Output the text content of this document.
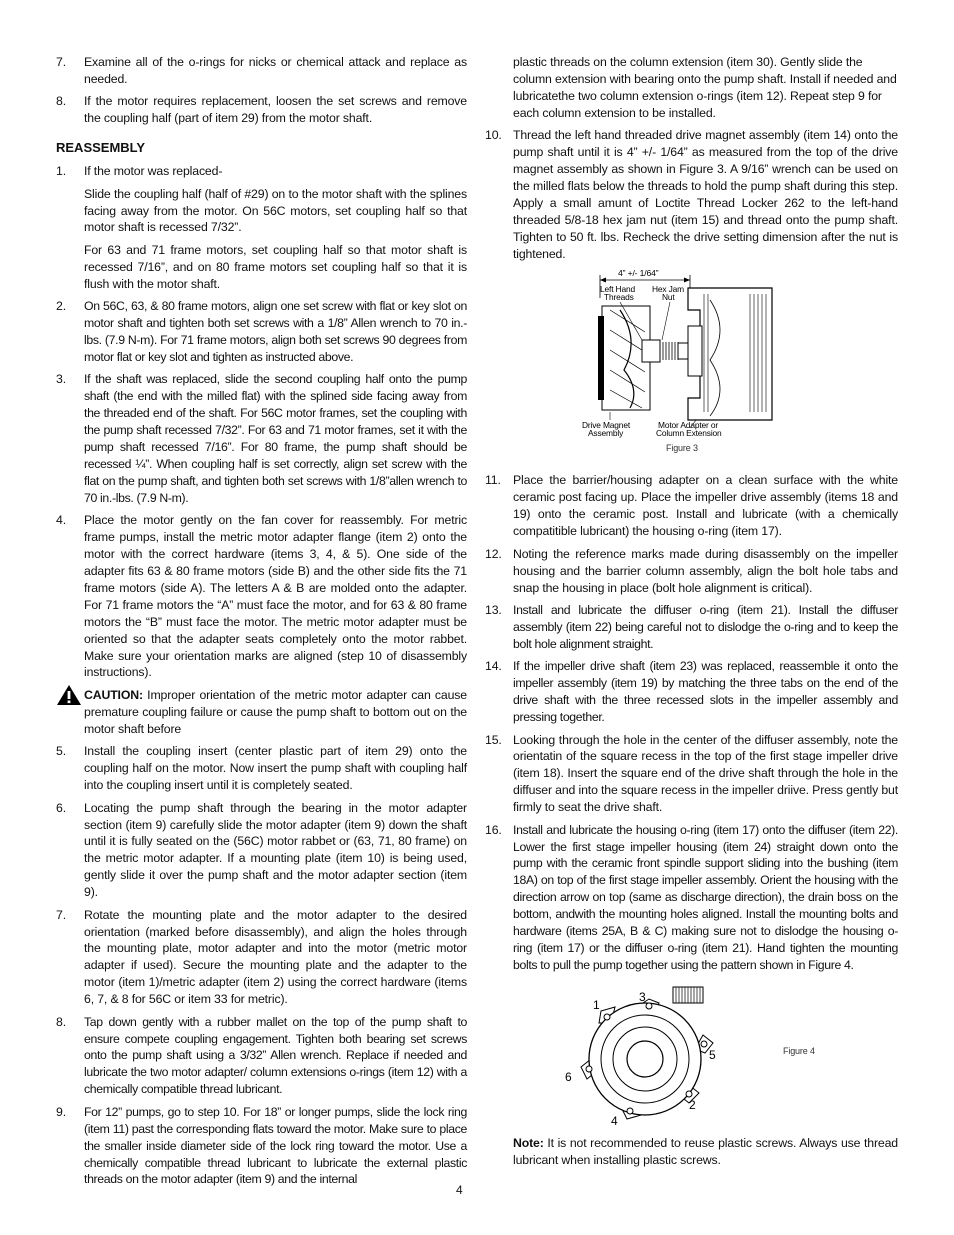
7.	Examine all of the o-rings for nicks or chemical attack and replace as needed.
8.	If the motor requires replacement, loosen the set screws and remove the coupling half (part of item 29) from the motor shaft.
REASSEMBLY
1.	If the motor was replaced-

Slide the coupling half (half of #29) on to the motor shaft with the splines facing away from the motor. On 56C motors, set coupling half so that motor shaft is recessed 7/32”.

For 63 and 71 frame motors, set coupling half so that motor shaft is recessed 7/16”, and on 80 frame motors set coupling half so that it is flush with the motor shaft.

2.	On 56C, 63, & 80 frame motors, align one set screw with flat or key slot on motor shaft and tighten both set screws with a 1/8” Allen wrench to 70 in.-lbs. (7.9 N-m). For 71 frame motors, align both set screws 90 degrees from motor flat or key slot and tighten as instructed above.
3.	If the shaft was replaced, slide the second coupling half onto the pump shaft (the end with the milled flat) with the splined side facing away from the threaded end of the shaft. For 56C motor frames, set the coupling with the pump shaft recessed 7/32”. For 63 and 71 motor frames, set it with the pump shaft recessed 7/16”. For 80 frame, the pump shaft should be recessed ¼”. When coupling half is set correctly, align set screw with the flat on the pump shaft, and tighten both set screws with 1/8”allen wrench to 70 in.-lbs. (7.9 N-m).
4.	Place the motor gently on the fan cover for reassembly. For metric frame pumps, install the metric motor adapter flange (item 2) onto the motor with the correct hardware (items 3, 4, & 5). One side of the adapter fits 63 & 80 frame motors (side B) and the other side fits the 71 frame motors (side A). The letters A & B are molded onto the adapter. For 71 frame motors the “A” must face the motor, and for 63 & 80 frame motors the “B” must face the motor. The metric motor adapter must be oriented so that the adapter seats completely onto the motor rabbet. Make sure your orientation marks are aligned (step 10 of disassembly instructions).
CAUTION: Improper orientation of the metric motor adapter can cause premature coupling failure or cause the pump shaft to bottom out on the motor shaft before
5.	Install the coupling insert (center plastic part of item 29) onto the coupling half on the motor. Now insert the pump shaft with coupling half into the coupling insert until it is completely seated.
6.	Locating the pump shaft through the bearing in the motor adapter section (item 9) carefully slide the motor adapter (item 9) down the shaft until it is fully seated on the (56C) motor rabbet or (63, 71, 80 frame) on the metric motor adapter. If a mounting plate (item 10) is being used, gently slide it over the pump shaft and the motor adapter section (item 9).
7.	Rotate the mounting plate and the motor adapter to the desired orientation (marked before disassembly), and align the holes through the mounting plate, motor adapter and into the motor (metric motor adapter if used). Secure the mounting plate and the adapter to the motor (item 1)/metric adapter (item 2) using the correct hardware (items 6, 7, & 8 for 56C or item 33 for metric).
8.	Tap down gently with a rubber mallet on the top of the pump shaft to ensure compete coupling engagement. Tighten both bearing set screws onto the pump shaft using a 3/32” Allen wrench. Replace if needed and lubricate the two motor adapter/ column extensions o-rings (item 12) with a chemically compatible thread lubricant.
9.	For 12” pumps, go to step 10. For 18” or longer pumps, slide the lock ring (item 11) past the corresponding flats toward the motor. Make sure to place the smaller inside diameter side of the lock ring toward the motor. Use a chemically compatible thread lubricant to lubricate the external plastic threads on the motor adapter (item 9) and the internal
plastic threads on the column extension (item 30). Gently slide the column extension with bearing onto the pump shaft. Install if needed and lubricatethe two column extension o-rings (item 12). Repeat step 9 for each column extension to be installed.
10. Thread the left hand threaded drive magnet assembly (item 14) onto the pump shaft until it is 4” +/- 1/64” as measured from the top of the drive magnet assembly as shown in Figure 3. A 9/16” wrench can be used on the milled flats below the threads to hold the pump shaft during this step. Apply a small amunt of Loctite Thread Locker 262 to the left-hand threaded 5/8-18 hex jam nut (item 15) and thread onto the pump shaft. Tighten to 50 ft. lbs. Recheck the drive setting dimension after the nut is tightened.
4” +/- 1/64”
Left Hand
Threads
Hex Jam
Nut
Drive Magnet
Assembly
Motor Adapter or
Column Extension
Figure 3
11. Place the barrier/housing adapter on a clean surface with the white ceramic post facing up. Place the impeller drive assembly (items 18 and 19) onto the ceramic post. Install and lubricate (with a chemically compatitible lubricant) the housing o-ring (item 17).
12. Noting the reference marks made during disassembly on the impeller housing and the barrier column assembly, align the bolt hole tabs and snap the housing in place (bolt hole alignment is critical).
13. Install and lubricate the diffuser o-ring (item 21). Install the diffuser assembly (item 22) being careful not to dislodge the o-ring and to keep the bolt hole alignment straight.
14. If the impeller drive shaft (item 23) was replaced, reassemble it onto the impeller assembly (item 19) by matching the three tabs on the end of the drive shaft with the three recessed slots in the impeller assembly and pressing together.
15. Looking through the hole in the center of the diffuser assembly, note the orientatin of the square recess in the top of the first stage impeller drive (item 18). Insert the square end of the drive shaft through the hole in the diffuser and into the square recess in the impeller driive. Press gently but firmly to seat the drive shaft.
16. Install and lubricate the housing o-ring (item 17) onto the diffuser (item 22). Lower the first stage impeller housing (item 24) straight down onto the pump with the ceramic front spindle support sliding into the bushing (item 18A) on top of the first stage impeller assembly. Orient the housing with the direction arrow on top (same as discharge direction), the drain boss on the bottom, andwith the mounting holes aligned. Install the mounting bolts and hardware (items 25A, B & C) making sure not to dislodge the housing o-ring (item 17) or the diffuser o-ring (item 21). Hand tighten the mounting bolts to pull the pump together using the pattern shown in Figure 4.
1
2
3
4
5
6
Figure 4
Note: It is not recommended to reuse plastic screws. Always use thread lubricant when installing plastic screws.
4
